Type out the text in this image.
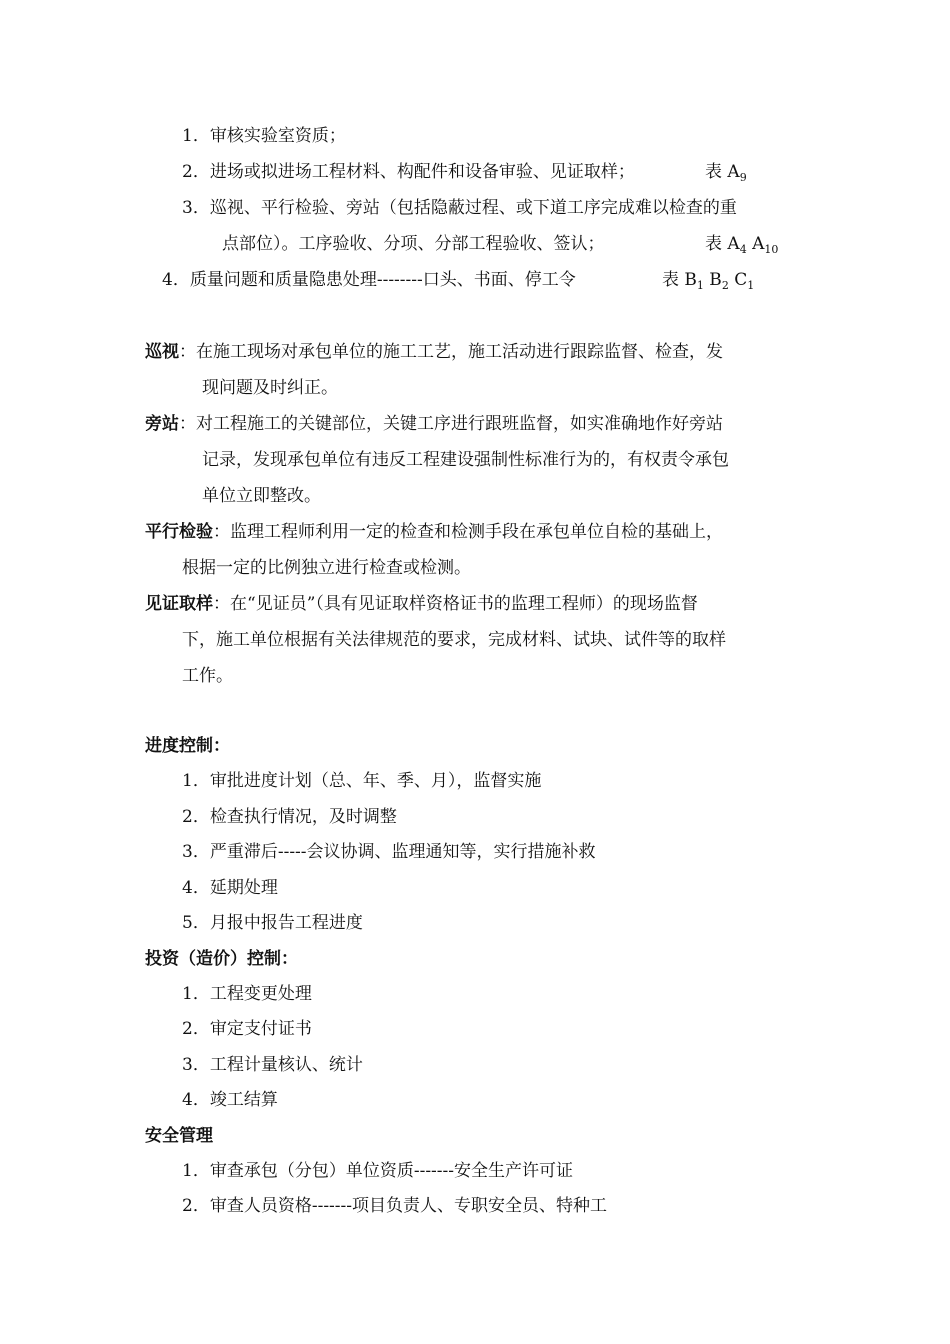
1．审核实验室资质；
2．进场或拟进场工程材料、构配件和设备审验、见证取样；	表 $A_9$
3．巡视、平行检验、旁站（包括隐蔽过程、或下道工序完成难以检查的重
点部位）。工序验收、分项、分部工程验收、签认；	表 $A_4$ $A_{10}$
4．质量问题和质量隐患处理--------口头、书面、停工令	表 $B_1$ $B_2$ $C_1$
巡视：在施工现场对承包单位的施工工艺，施工活动进行跟踪监督、检查，发
现问题及时纠正。
旁站：对工程施工的关键部位，关键工序进行跟班监督，如实准确地作好旁站
记录，发现承包单位有违反工程建设强制性标准行为的，有权责令承包
单位立即整改。
平行检验：监理工程师利用一定的检查和检测手段在承包单位自检的基础上，
根据一定的比例独立进行检查或检测。
见证取样：在“见证员”（具有见证取样资格证书的监理工程师）的现场监督
下，施工单位根据有关法律规范的要求，完成材料、试块、试件等的取样
工作。
进度控制：
1．审批进度计划（总、年、季、月），监督实施
2．检查执行情况，及时调整
3．严重滞后-----会议协调、监理通知等，实行措施补救
4．延期处理
5．月报中报告工程进度
投资（造价）控制：
1．工程变更处理
2．审定支付证书
3．工程计量核认、统计
4．竣工结算
安全管理
1．审查承包（分包）单位资质-------安全生产许可证
2．审查人员资格-------项目负责人、专职安全员、特种工
